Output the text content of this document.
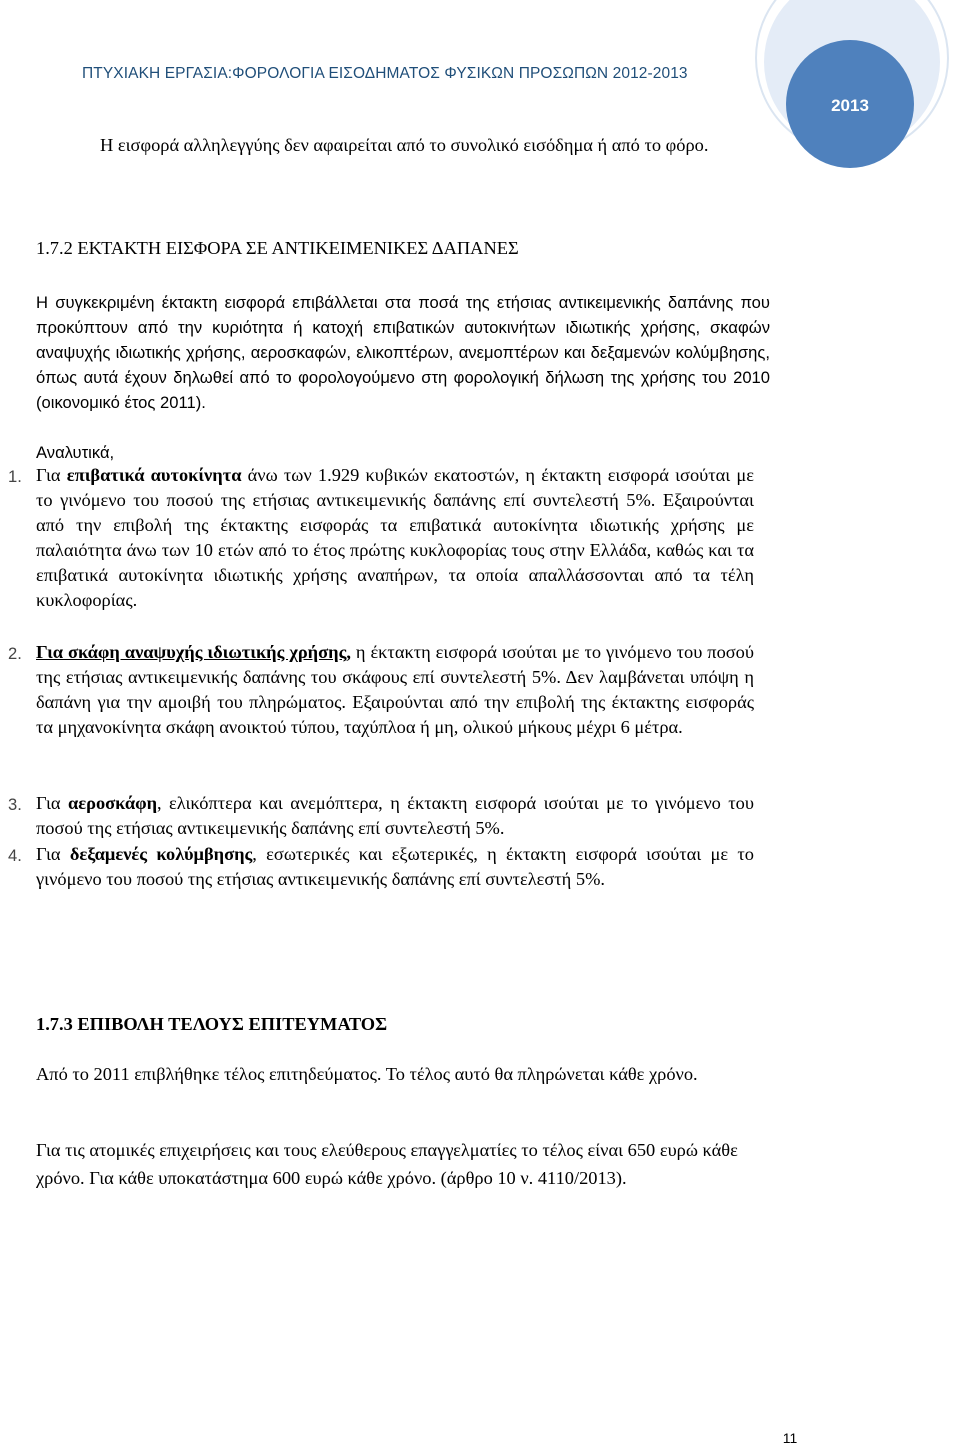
ΠΤΥΧΙΑΚΗ ΕΡΓΑΣΙΑ:ΦΟΡΟΛΟΓΙΑ ΕΙΣΟΔΗΜΑΤΟΣ ΦΥΣΙΚΩΝ ΠΡΟΣΩΠΩΝ 2012-2013
2013
Η εισφορά αλληλεγγύης δεν αφαιρείται από το συνολικό εισόδημα ή από το φόρο.
1.7.2 ΕΚΤΑΚΤΗ ΕΙΣΦΟΡΑ ΣΕ ΑΝΤΙΚΕΙΜΕΝΙΚΕΣ ΔΑΠΑΝΕΣ
Η συγκεκριμένη έκτακτη εισφορά επιβάλλεται στα ποσά της ετήσιας αντικειμενικής δαπάνης που προκύπτουν από την κυριότητα ή κατοχή επιβατικών αυτοκινήτων ιδιωτικής χρήσης, σκαφών αναψυχής ιδιωτικής χρήσης, αεροσκαφών, ελικοπτέρων, ανεμοπτέρων και δεξαμενών κολύμβησης, όπως αυτά έχουν δηλωθεί από το φορολογούμενο στη φορολογική δήλωση της χρήσης του 2010 (οικονομικό έτος 2011).
Αναλυτικά,
1. Για επιβατικά αυτοκίνητα άνω των 1.929 κυβικών εκατοστών, η έκτακτη εισφορά ισούται με το γινόμενο του ποσού της ετήσιας αντικειμενικής δαπάνης επί συντελεστή 5%. Εξαιρούνται από την επιβολή της έκτακτης εισφοράς τα επιβατικά αυτοκίνητα ιδιωτικής χρήσης με παλαιότητα άνω των 10 ετών από το έτος πρώτης κυκλοφορίας τους στην Ελλάδα, καθώς και τα επιβατικά αυτοκίνητα ιδιωτικής χρήσης αναπήρων, τα οποία απαλλάσσονται από τα τέλη κυκλοφορίας.
2. Για σκάφη αναψυχής ιδιωτικής χρήσης, η έκτακτη εισφορά ισούται με το γινόμενο του ποσού της ετήσιας αντικειμενικής δαπάνης του σκάφους επί συντελεστή 5%. Δεν λαμβάνεται υπόψη η δαπάνη για την αμοιβή του πληρώματος. Εξαιρούνται από την επιβολή της έκτακτης εισφοράς τα μηχανοκίνητα σκάφη ανοικτού τύπου, ταχύπλοα ή μη, ολικού μήκους μέχρι 6 μέτρα.
3. Για αεροσκάφη, ελικόπτερα και ανεμόπτερα, η έκτακτη εισφορά ισούται με το γινόμενο του ποσού της ετήσιας αντικειμενικής δαπάνης επί συντελεστή 5%.
4. Για δεξαμενές κολύμβησης, εσωτερικές και εξωτερικές, η έκτακτη εισφορά ισούται με το γινόμενο του ποσού της ετήσιας αντικειμενικής δαπάνης επί συντελεστή 5%.
1.7.3 ΕΠΙΒΟΛΗ ΤΕΛΟΥΣ ΕΠΙΤΕΥΜΑΤΟΣ
Από το 2011 επιβλήθηκε τέλος επιτηδεύματος. Το τέλος αυτό θα πληρώνεται κάθε χρόνο.
Για τις ατομικές επιχειρήσεις και τους ελεύθερους επαγγελματίες το τέλος είναι 650 ευρώ κάθε χρόνο. Για κάθε υποκατάστημα 600 ευρώ κάθε χρόνο. (άρθρο 10 ν. 4110/2013).
11
